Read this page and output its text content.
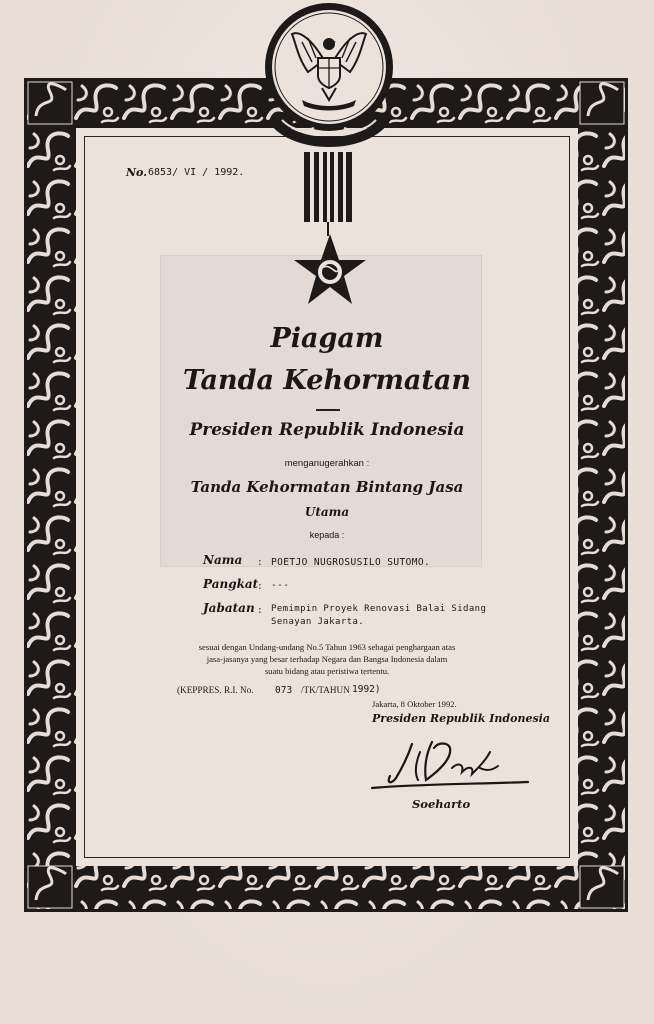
No. 6853/ VI / 1992.
Piagam
Tanda Kehormatan
Presiden Republik Indonesia
menganugerahkan :
Tanda Kehormatan Bintang Jasa
Utama
kepada :
Nama : POETJO NUGROSUSILO SUTOMO.
Pangkat : ---
Jabatan : Pemimpin Proyek Renovasi Balai Sidang
Senayan Jakarta.
sesuai dengan Undang-undang No.5 Tahun 1963 sebagai penghargaan atas
jasa-jasanya yang besar terhadap Negara dan Bangsa Indonesia dalam
suatu bidang atau peristiwa tertentu.
(KEPPRES. R.I. No. 073 /TK/TAHUN 1992)
Jakarta, 8 Oktober 1992.
Presiden Republik Indonesia
Soeharto
